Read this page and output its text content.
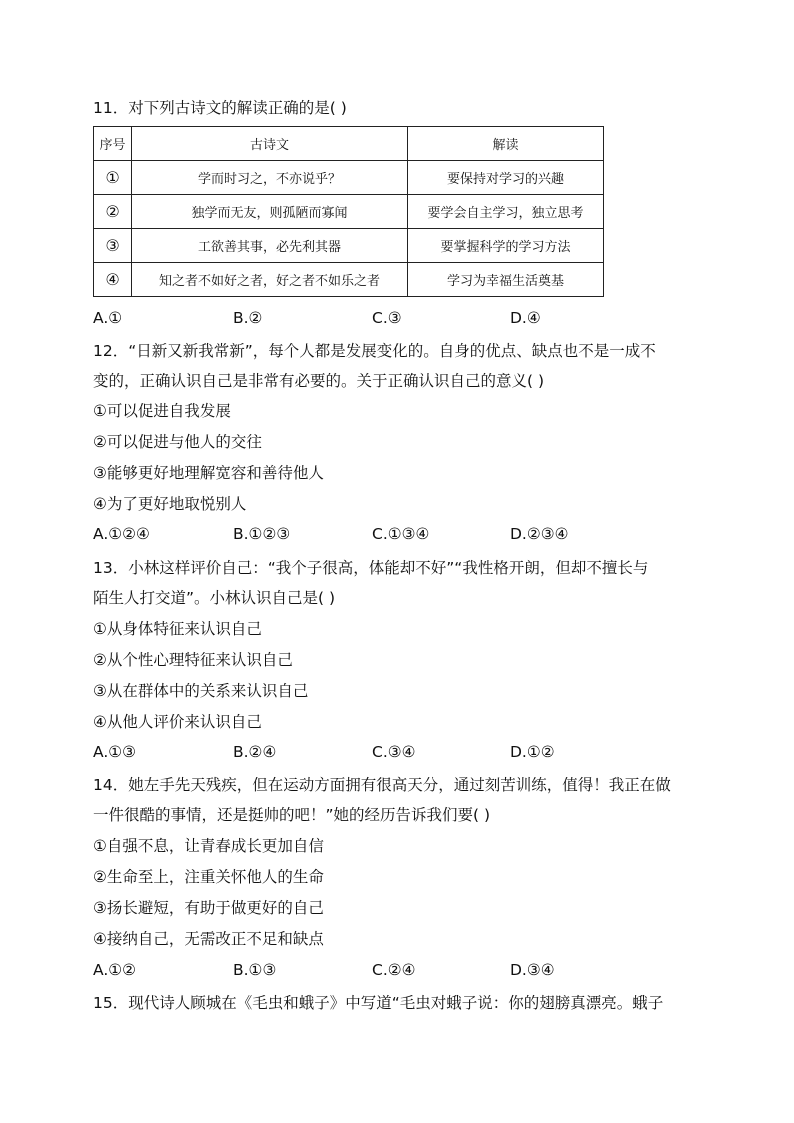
11．对下列古诗文的解读正确的是( )
序号	古诗文	解读
①	学而时习之，不亦说乎？	要保持对学习的兴趣
②	独学而无友，则孤陋而寡闻	要学会自主学习，独立思考
③	工欲善其事，必先利其器	要掌握科学的学习方法
④	知之者不如好之者，好之者不如乐之者	学习为幸福生活奠基
A.①	B.②	C.③	D.④
12．“日新又新我常新”，每个人都是发展变化的。自身的优点、缺点也不是一成不
变的，正确认识自己是非常有必要的。关于正确认识自己的意义( )
①可以促进自我发展
②可以促进与他人的交往
③能够更好地理解宽容和善待他人
④为了更好地取悦别人
A.①②④	B.①②③	C.①③④	D.②③④
13．小林这样评价自己：“我个子很高，体能却不好”“我性格开朗，但却不擅长与
陌生人打交道”。小林认识自己是( )
①从身体特征来认识自己
②从个性心理特征来认识自己
③从在群体中的关系来认识自己
④从他人评价来认识自己
A.①③	B.②④	C.③④	D.①②
14．她左手先天残疾，但在运动方面拥有很高天分，通过刻苦训练，值得！我正在做
一件很酷的事情，还是挺帅的吧！”她的经历告诉我们要( )
①自强不息，让青春成长更加自信
②生命至上，注重关怀他人的生命
③扬长避短，有助于做更好的自己
④接纳自己，无需改正不足和缺点
A.①②	B.①③	C.②④	D.③④
15．现代诗人顾城在《毛虫和蛾子》中写道“毛虫对蛾子说：你的翅膀真漂亮。蛾子
